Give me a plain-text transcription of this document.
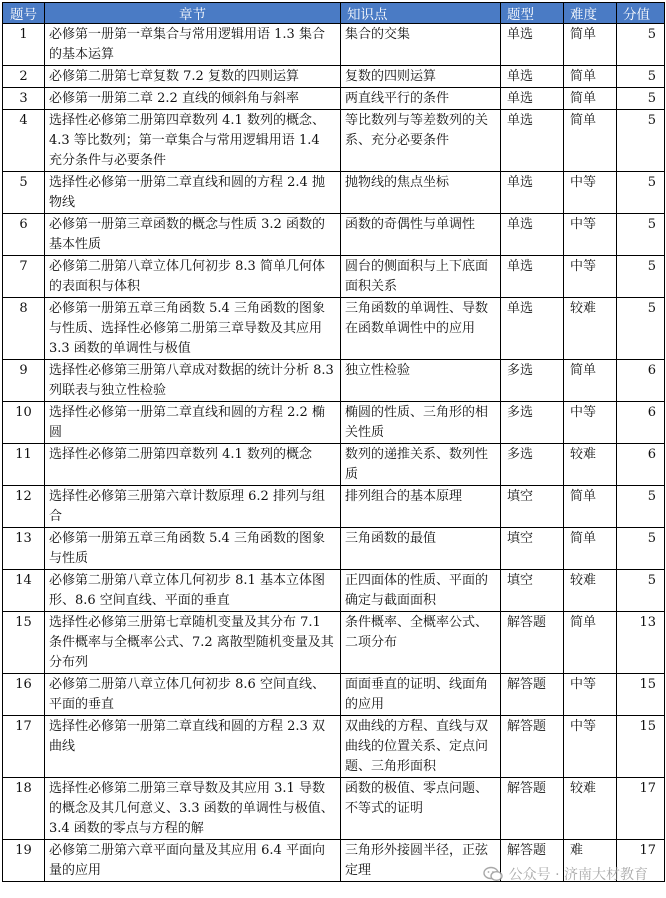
题号	章节	知识点	题型	难度	分值
1	必修第一册第一章集合与常用逻辑用语 1.3 集合的基本运算	集合的交集	单选	简单	5
2	必修第二册第七章复数 7.2 复数的四则运算	复数的四则运算	单选	简单	5
3	必修第一册第二章 2.2 直线的倾斜角与斜率	两直线平行的条件	单选	简单	5
4	选择性必修第二册第四章数列 4.1 数列的概念、4.3 等比数列；第一章集合与常用逻辑用语 1.4 充分条件与必要条件	等比数列与等差数列的关系、充分必要条件	单选	简单	5
5	选择性必修第一册第二章直线和圆的方程 2.4 抛物线	抛物线的焦点坐标	单选	中等	5
6	必修第一册第三章函数的概念与性质 3.2 函数的基本性质	函数的奇偶性与单调性	单选	中等	5
7	必修第二册第八章立体几何初步 8.3 简单几何体的表面积与体积	圆台的侧面积与上下底面面积关系	单选	中等	5
8	必修第一册第五章三角函数 5.4 三角函数的图象与性质、选择性必修第二册第三章导数及其应用 3.3 函数的单调性与极值	三角函数的单调性、导数在函数单调性中的应用	单选	较难	5
9	选择性必修第三册第八章成对数据的统计分析 8.3 列联表与独立性检验	独立性检验	多选	简单	6
10	选择性必修第一册第二章直线和圆的方程 2.2 椭圆	椭圆的性质、三角形的相关性质	多选	中等	6
11	选择性必修第二册第四章数列 4.1 数列的概念	数列的递推关系、数列性质	多选	较难	6
12	选择性必修第三册第六章计数原理 6.2 排列与组合	排列组合的基本原理	填空	简单	5
13	必修第一册第五章三角函数 5.4 三角函数的图象与性质	三角函数的最值	填空	简单	5
14	必修第二册第八章立体几何初步 8.1 基本立体图形、8.6 空间直线、平面的垂直	正四面体的性质、平面的确定与截面面积	填空	较难	5
15	选择性必修第三册第七章随机变量及其分布 7.1 条件概率与全概率公式、7.2 离散型随机变量及其分布列	条件概率、全概率公式、二项分布	解答题	简单	13
16	必修第二册第八章立体几何初步 8.6 空间直线、平面的垂直	面面垂直的证明、线面角的应用	解答题	中等	15
17	选择性必修第一册第二章直线和圆的方程 2.3 双曲线	双曲线的方程、直线与双曲线的位置关系、定点问题、三角形面积	解答题	中等	15
18	选择性必修第二册第三章导数及其应用 3.1 导数的概念及其几何意义、3.3 函数的单调性与极值、3.4 函数的零点与方程的解	函数的极值、零点问题、不等式的证明	解答题	较难	17
19	必修第二册第六章平面向量及其应用 6.4 平面向量的应用	三角形外接圆半径，正弦定理	解答题	难	17
公众号 · 济南大材教育
